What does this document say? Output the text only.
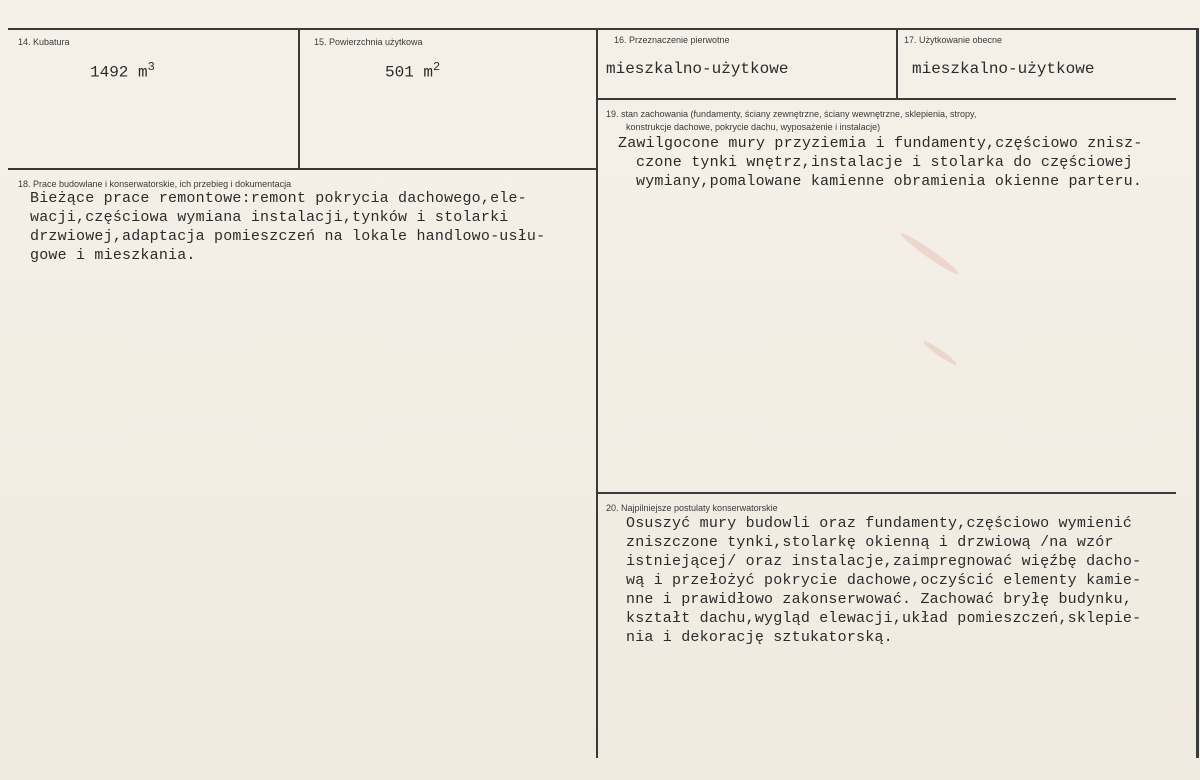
14. Kubatura
1492 $m^3$
15. Powierzchnia użytkowa
501 $m^2$
16. Przeznaczenie pierwotne
mieszkalno-użytkowe
17. Użytkowanie obecne
mieszkalno-użytkowe
18. Prace budowlane i konserwatorskie, ich przebieg i dokumentacja
Bieżące prace remontowe:remont pokrycia dachowego,ele-
wacji,częściowa wymiana instalacji,tynków i stolarki
drzwiowej,adaptacja pomieszczeń na lokale handlowo-usłu-
gowe i mieszkania.
19. stan zachowania (fundamenty, ściany zewnętrzne, ściany wewnętrzne, sklepienia, stropy,
konstrukcje dachowe, pokrycie dachu, wyposażenie i instalacje)
Zawilgocone mury przyziemia i fundamenty,częściowo znisz-
czone tynki wnętrz,instalacje i stolarka do częściowej
wymiany,pomalowane kamienne obramienia okienne parteru.
20. Najpilniejsze postulaty konserwatorskie
Osuszyć mury budowli oraz fundamenty,częściowo wymienić
zniszczone tynki,stolarkę okienną i drzwiową /na wzór
istniejącej/ oraz instalacje,zaimpregnować więźbę dacho-
wą i przełożyć pokrycie dachowe,oczyścić elementy kamie-
nne i prawidłowo zakonserwować. Zachować bryłę budynku,
kształt dachu,wygląd elewacji,układ pomieszczeń,sklepie-
nia i dekorację sztukatorską.
